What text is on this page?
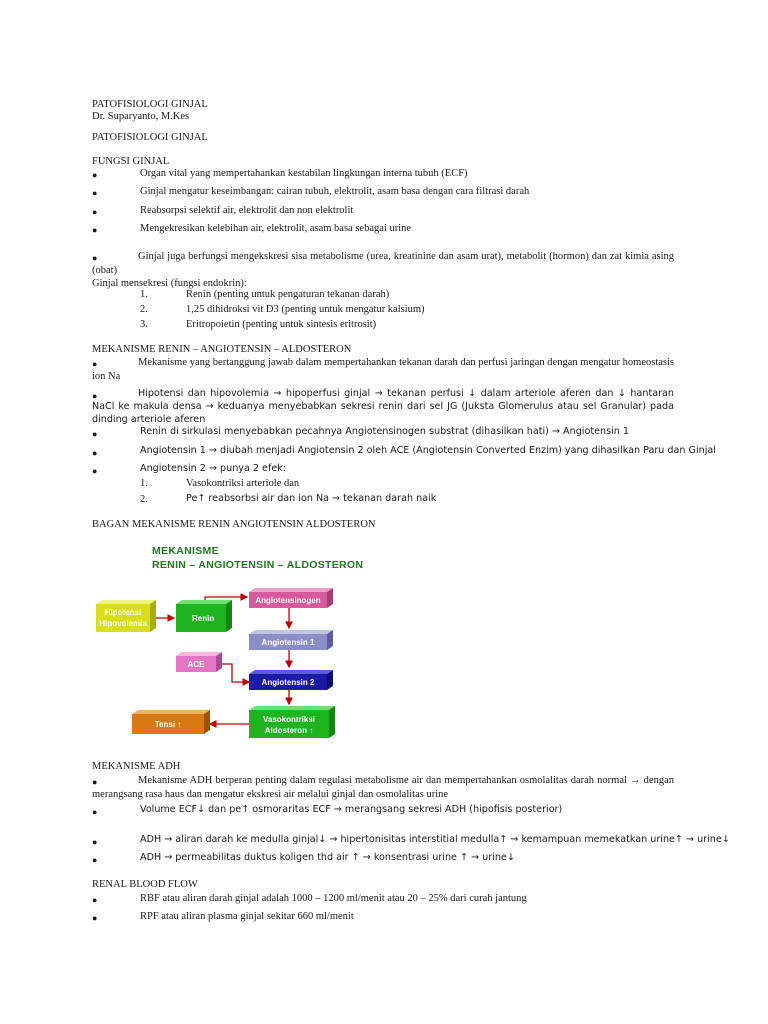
PATOFISIOLOGI GINJAL
Dr. Suparyanto, M.Kes
PATOFISIOLOGI GINJAL
FUNGSI GINJAL
●	Organ vital yang mempertahankan kestabilan lingkungan interna tubuh (ECF)
●	Ginjal mengatur keseimbangan: cairan tubuh, elektrolit, asam basa dengan cara filtrasi darah
●	Reabsorpsi selektif air, elektrolit dan non elektrolit
●	Mengekresikan kelebihan air, elektrolit, asam basa sebagai urine
●	Ginjal juga berfungsi mengekskresi sisa metabolisme (urea, kreatinine dan asam urat), metabolit (hormon) dan zat kimia asing (obat)
Ginjal mensekresi (fungsi endokrin):
1.	Renin (penting untuk pengaturan tekanan darah)
2.	1,25 dihidroksi vit D3 (penting untuk mengatur kalsium)
3.	Eritropoietin (penting untuk sintesis eritrosit)
MEKANISME RENIN – ANGIOTENSIN – ALDOSTERON
●	Mekanisme yang bertanggung jawab dalam mempertahankan tekanan darah dan perfusi jaringan dengan mengatur homeostasis ion Na
●	Hipotensi dan hipovolemia → hipoperfusi ginjal → tekanan perfusi ↓ dalam arteriole aferen dan ↓ hantaran NaCl ke makula densa → keduanya menyebabkan sekresi renin dari sel JG (Juksta Glomerulus atau sel Granular) pada dinding arteriole aferen
●	Renin di sirkulasi menyebabkan pecahnya Angiotensinogen substrat (dihasilkan hati) → Angiotensin 1
●	Angiotensin 1 → diubah menjadi Angiotensin 2 oleh ACE (Angiotensin Converted Enzim) yang dihasilkan Paru dan Ginjal
●	Angiotensin 2 → punya 2 efek:
1.	Vasokontriksi arteriole dan
2.	Pe↑ reabsorbsi air dan ion Na → tekanan darah naik
BAGAN MEKANISME RENIN ANGIOTENSIN ALDOSTERON
MEKANISME
RENIN – ANGIOTENSIN – ALDOSTERON
Hipotensi
Hipovolemia
Renin
Angiotensinogen
Angiotensin 1
ACE
Angiotensin 2
Vasokontriksi
Aldosteron ↑
Tensi ↑
MEKANISME ADH
●	Mekanisme ADH berperan penting dalam regulasi metabolisme air dan mempertahankan osmolalitas darah normal → dengan merangsang rasa haus dan mengatur ekskresi air melalui ginjal dan osmolalitas urine
●	Volume ECF↓ dan pe↑ osmoraritas ECF → merangsang sekresi ADH (hipofisis posterior)
●	ADH → aliran darah ke medulla ginjal↓ → hipertonisitas interstitial medulla↑ → kemampuan memekatkan urine↑ → urine↓
●	ADH → permeabilitas duktus koligen thd air ↑ → konsentrasi urine ↑ → urine↓
RENAL BLOOD FLOW
●	RBF atau aliran darah ginjal adalah 1000 – 1200 ml/menit atau 20 – 25% dari curah jantung
●	RPF atau aliran plasma ginjal sekitar 660 ml/menit
